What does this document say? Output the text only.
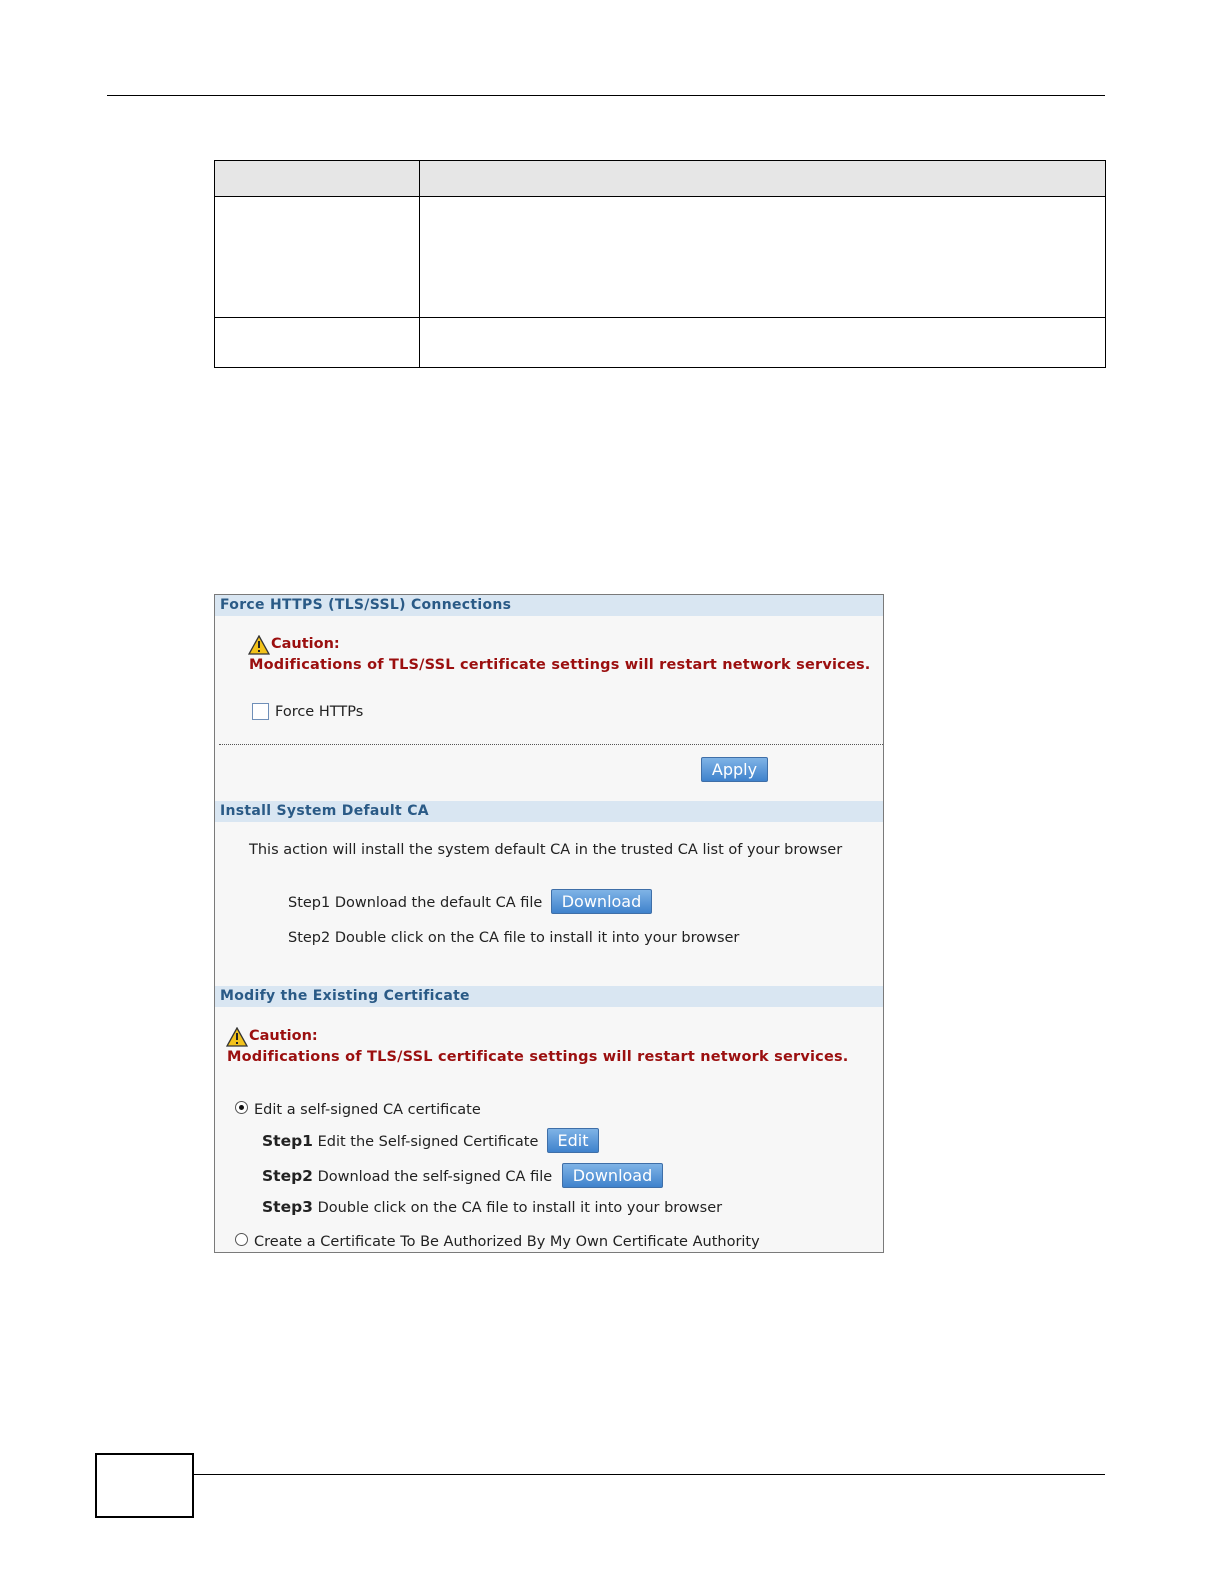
Force HTTPS (TLS/SSL) Connections
Caution:
Modifications of TLS/SSL certificate settings will restart network services.
Force HTTPs
Apply
Install System Default CA
This action will install the system default CA in the trusted CA list of your browser
Step1 Download the default CA file	Download
Step2 Double click on the CA file to install it into your browser
Modify the Existing Certificate
Caution:
Modifications of TLS/SSL certificate settings will restart network services.
Edit a self-signed CA certificate
Step1 Edit the Self-signed Certificate	Edit
Step2 Download the self-signed CA file	Download
Step3 Double click on the CA file to install it into your browser
Create a Certificate To Be Authorized By My Own Certificate Authority
